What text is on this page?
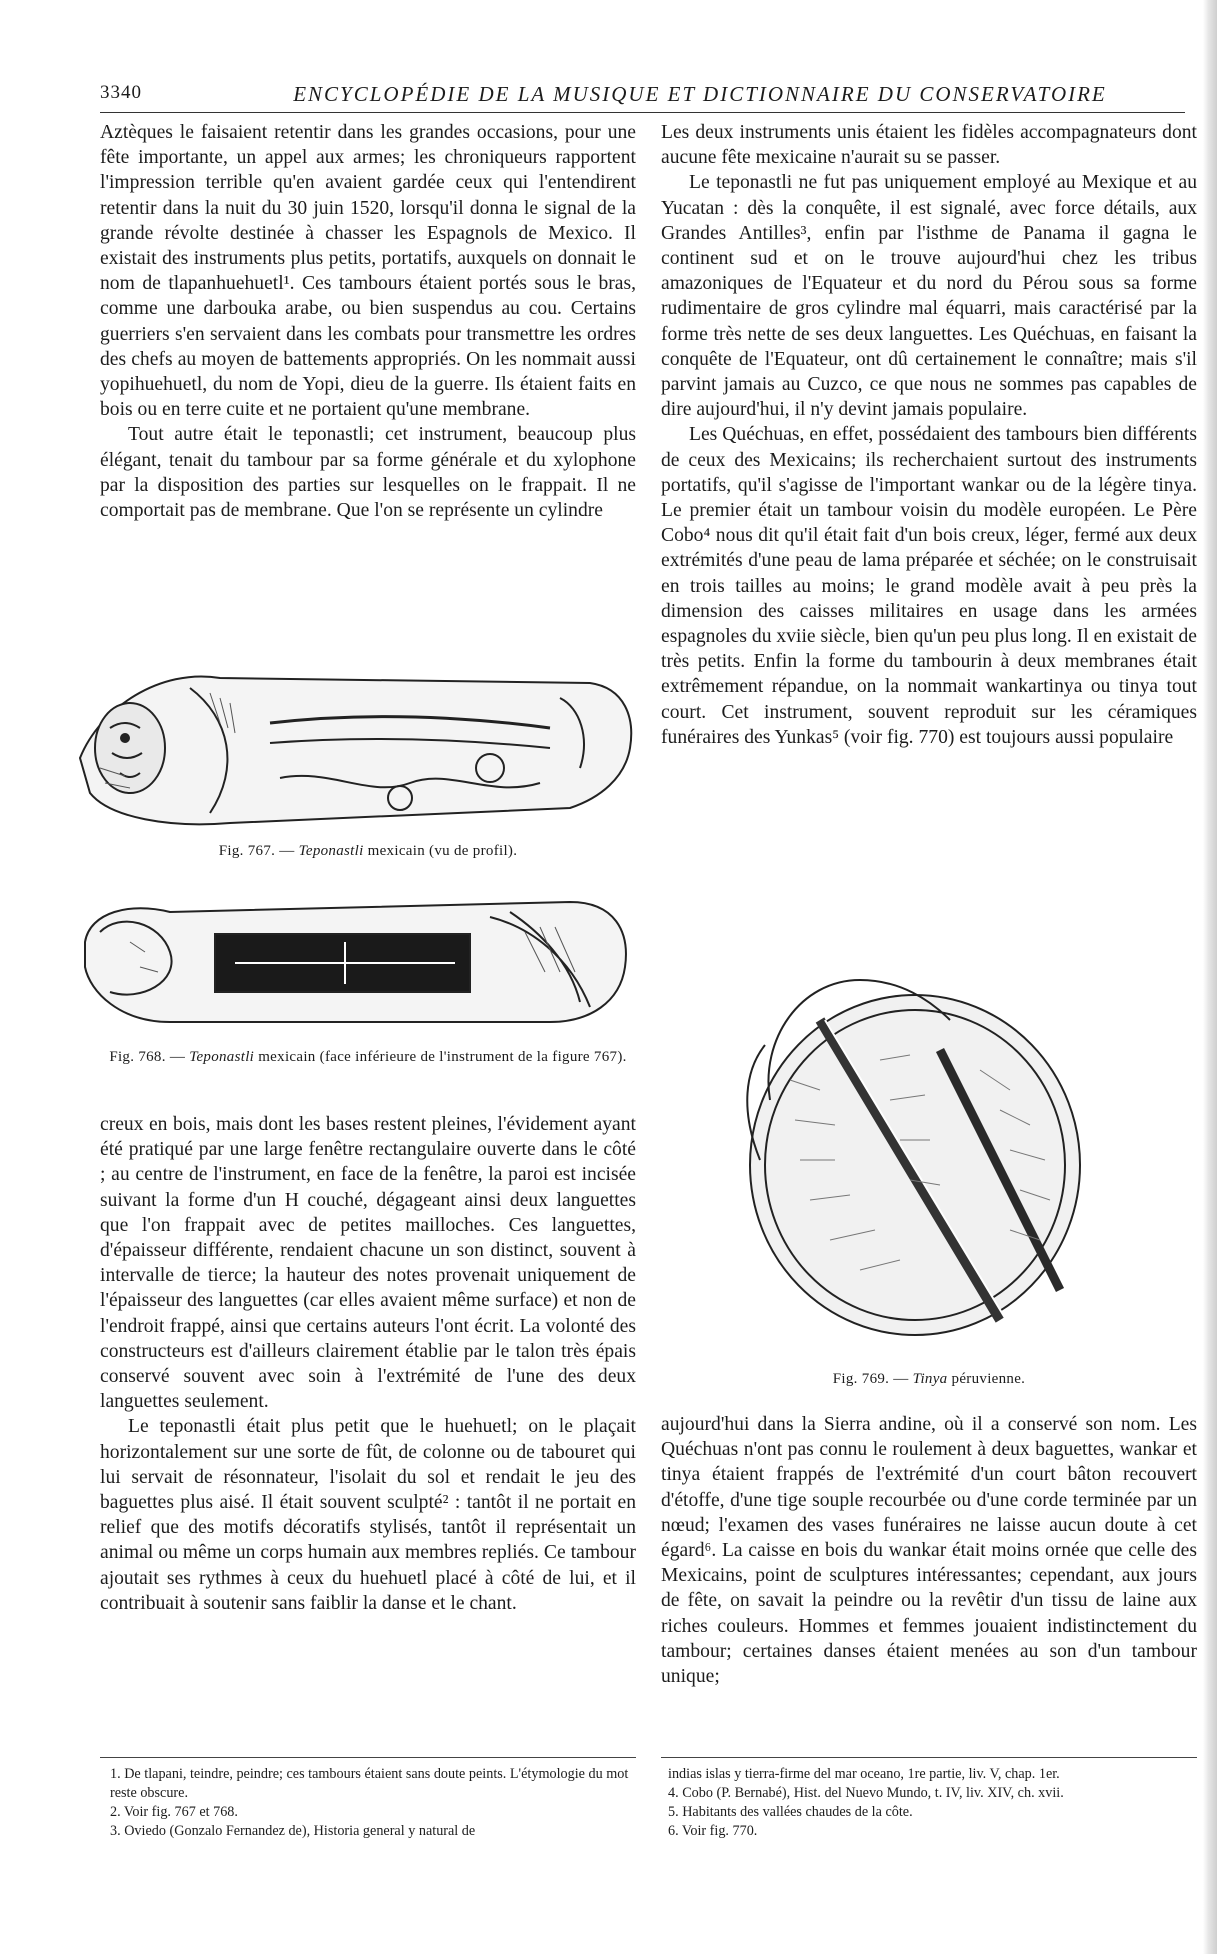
3340	ENCYCLOPÉDIE DE LA MUSIQUE ET DICTIONNAIRE DU CONSERVATOIRE

Aztèques le faisaient retentir dans les grandes occasions, pour une fête importante, un appel aux armes; les chroniqueurs rapportent l'impression terrible qu'en avaient gardée ceux qui l'entendirent retentir dans la nuit du 30 juin 1520, lorsqu'il donna le signal de la grande révolte destinée à chasser les Espagnols de Mexico. Il existait des instruments plus petits, portatifs, auxquels on donnait le nom de tlapanhuehuetl¹. Ces tambours étaient portés sous le bras, comme une darbouka arabe, ou bien suspendus au cou. Certains guerriers s'en servaient dans les combats pour transmettre les ordres des chefs au moyen de battements appropriés. On les nommait aussi yopihuehuetl, du nom de Yopi, dieu de la guerre. Ils étaient faits en bois ou en terre cuite et ne portaient qu'une membrane.

Tout autre était le teponastli; cet instrument, beaucoup plus élégant, tenait du tambour par sa forme générale et du xylophone par la disposition des parties sur lesquelles on le frappait. Il ne comportait pas de membrane. Que l'on se représente un cylindre

Fig. 767. — Teponastli mexicain (vu de profil).
Fig. 768. — Teponastli mexicain (face inférieure de l'instrument de la figure 767).

creux en bois, mais dont les bases restent pleines, l'évidement ayant été pratiqué par une large fenêtre rectangulaire ouverte dans le côté ; au centre de l'instrument, en face de la fenêtre, la paroi est incisée suivant la forme d'un H couché, dégageant ainsi deux languettes que l'on frappait avec de petites mailloches. Ces languettes, d'épaisseur différente, rendaient chacune un son distinct, souvent à intervalle de tierce; la hauteur des notes provenait uniquement de l'épaisseur des languettes (car elles avaient même surface) et non de l'endroit frappé, ainsi que certains auteurs l'ont écrit. La volonté des constructeurs est d'ailleurs clairement établie par le talon très épais conservé souvent avec soin à l'extrémité de l'une des deux languettes seulement.

Le teponastli était plus petit que le huehuetl; on le plaçait horizontalement sur une sorte de fût, de colonne ou de tabouret qui lui servait de résonnateur, l'isolait du sol et rendait le jeu des baguettes plus aisé. Il était souvent sculpté² : tantôt il ne portait en relief que des motifs décoratifs stylisés, tantôt il représentait un animal ou même un corps humain aux membres repliés. Ce tambour ajoutait ses rythmes à ceux du huehuetl placé à côté de lui, et il contribuait à soutenir sans faiblir la danse et le chant.

Les deux instruments unis étaient les fidèles accompagnateurs dont aucune fête mexicaine n'aurait su se passer.

Le teponastli ne fut pas uniquement employé au Mexique et au Yucatan : dès la conquête, il est signalé, avec force détails, aux Grandes Antilles³, enfin par l'isthme de Panama il gagna le continent sud et on le trouve aujourd'hui chez les tribus amazoniques de l'Equateur et du nord du Pérou sous sa forme rudimentaire de gros cylindre mal équarri, mais caractérisé par la forme très nette de ses deux languettes. Les Quéchuas, en faisant la conquête de l'Equateur, ont dû certainement le connaître; mais s'il parvint jamais au Cuzco, ce que nous ne sommes pas capables de dire aujourd'hui, il n'y devint jamais populaire.

Les Quéchuas, en effet, possédaient des tambours bien différents de ceux des Mexicains; ils recherchaient surtout des instruments portatifs, qu'il s'agisse de l'important wankar ou de la légère tinya. Le premier était un tambour voisin du modèle européen. Le Père Cobo⁴ nous dit qu'il était fait d'un bois creux, léger, fermé aux deux extrémités d'une peau de lama préparée et séchée; on le construisait en trois tailles au moins; le grand modèle avait à peu près la dimension des caisses militaires en usage dans les armées espagnoles du xviie siècle, bien qu'un peu plus long. Il en existait de très petits. Enfin la forme du tambourin à deux membranes était extrêmement répandue, on la nommait wankartinya ou tinya tout court. Cet instrument, souvent reproduit sur les céramiques funéraires des Yunkas⁵ (voir fig. 770) est toujours aussi populaire

Fig. 769. — Tinya péruvienne.

aujourd'hui dans la Sierra andine, où il a conservé son nom. Les Quéchuas n'ont pas connu le roulement à deux baguettes, wankar et tinya étaient frappés de l'extrémité d'un court bâton recouvert d'étoffe, d'une tige souple recourbée ou d'une corde terminée par un nœud; l'examen des vases funéraires ne laisse aucun doute à cet égard⁶. La caisse en bois du wankar était moins ornée que celle des Mexicains, point de sculptures intéressantes; cependant, aux jours de fête, on savait la peindre ou la revêtir d'un tissu de laine aux riches couleurs. Hommes et femmes jouaient indistinctement du tambour; certaines danses étaient menées au son d'un tambour unique;

1. De tlapani, teindre, peindre; ces tambours étaient sans doute peints. L'étymologie du mot reste obscure.
2. Voir fig. 767 et 768.
3. Oviedo (Gonzalo Fernandez de), Historia general y natural de
indias islas y tierra-firme del mar oceano, 1re partie, liv. V, chap. 1er.
4. Cobo (P. Bernabé), Hist. del Nuevo Mundo, t. IV, liv. XIV, ch. xvii.
5. Habitants des vallées chaudes de la côte.
6. Voir fig. 770.
